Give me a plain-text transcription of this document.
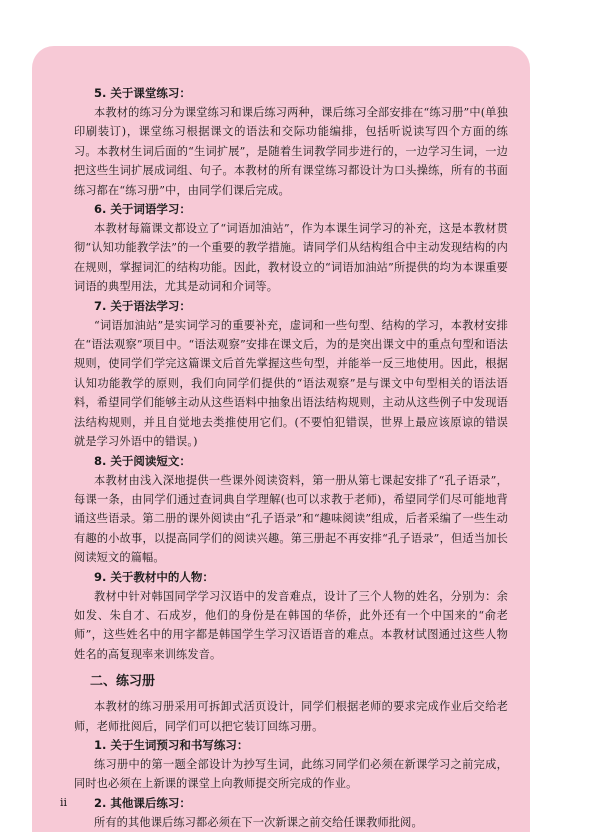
5. 关于课堂练习：

本教材的练习分为课堂练习和课后练习两种，课后练习全部安排在“练习册”中(单独印刷装订)，课堂练习根据课文的语法和交际功能编排，包括听说读写四个方面的练习。本教材生词后面的“生词扩展”，是随着生词教学同步进行的，一边学习生词，一边把这些生词扩展成词组、句子。本教材的所有课堂练习都设计为口头操练，所有的书面练习都在“练习册”中，由同学们课后完成。

6. 关于词语学习：

本教材每篇课文都设立了“词语加油站”，作为本课生词学习的补充，这是本教材贯彻“认知功能教学法”的一个重要的教学措施。请同学们从结构组合中主动发现结构的内在规则，掌握词汇的结构功能。因此，教材设立的“词语加油站”所提供的均为本课重要词语的典型用法，尤其是动词和介词等。

7. 关于语法学习：

“词语加油站”是实词学习的重要补充，虚词和一些句型、结构的学习，本教材安排在“语法观察”项目中。“语法观察”安排在课文后，为的是突出课文中的重点句型和语法规则，使同学们学完这篇课文后首先掌握这些句型，并能举一反三地使用。因此，根据认知功能教学的原则，我们向同学们提供的“语法观察”是与课文中句型相关的语法语料，希望同学们能够主动从这些语料中抽象出语法结构规则，主动从这些例子中发现语法结构规则，并且自觉地去类推使用它们。(不要怕犯错误，世界上最应该原谅的错误就是学习外语中的错误。)

8. 关于阅读短文：

本教材由浅入深地提供一些课外阅读资料，第一册从第七课起安排了“孔子语录”，每课一条，由同学们通过查词典自学理解(也可以求教于老师)，希望同学们尽可能地背诵这些语录。第二册的课外阅读由“孔子语录”和“趣味阅读”组成，后者采编了一些生动有趣的小故事，以提高同学们的阅读兴趣。第三册起不再安排“孔子语录”，但适当加长阅读短文的篇幅。

9. 关于教材中的人物：

教材中针对韩国同学学习汉语中的发音难点，设计了三个人物的姓名，分别为：余如发、朱自才、石成岁，他们的身份是在韩国的华侨，此外还有一个中国来的“俞老师”，这些姓名中的用字都是韩国学生学习汉语语音的难点。本教材试图通过这些人物姓名的高复现率来训练发音。

二、练习册

本教材的练习册采用可拆卸式活页设计，同学们根据老师的要求完成作业后交给老师，老师批阅后，同学们可以把它装订回练习册。

1. 关于生词预习和书写练习：

练习册中的第一题全部设计为抄写生词，此练习同学们必须在新课学习之前完成，同时也必须在上新课的课堂上向教师提交所完成的作业。

2. 其他课后练习：

所有的其他课后练习都必须在下一次新课之前交给任课教师批阅。

ii
